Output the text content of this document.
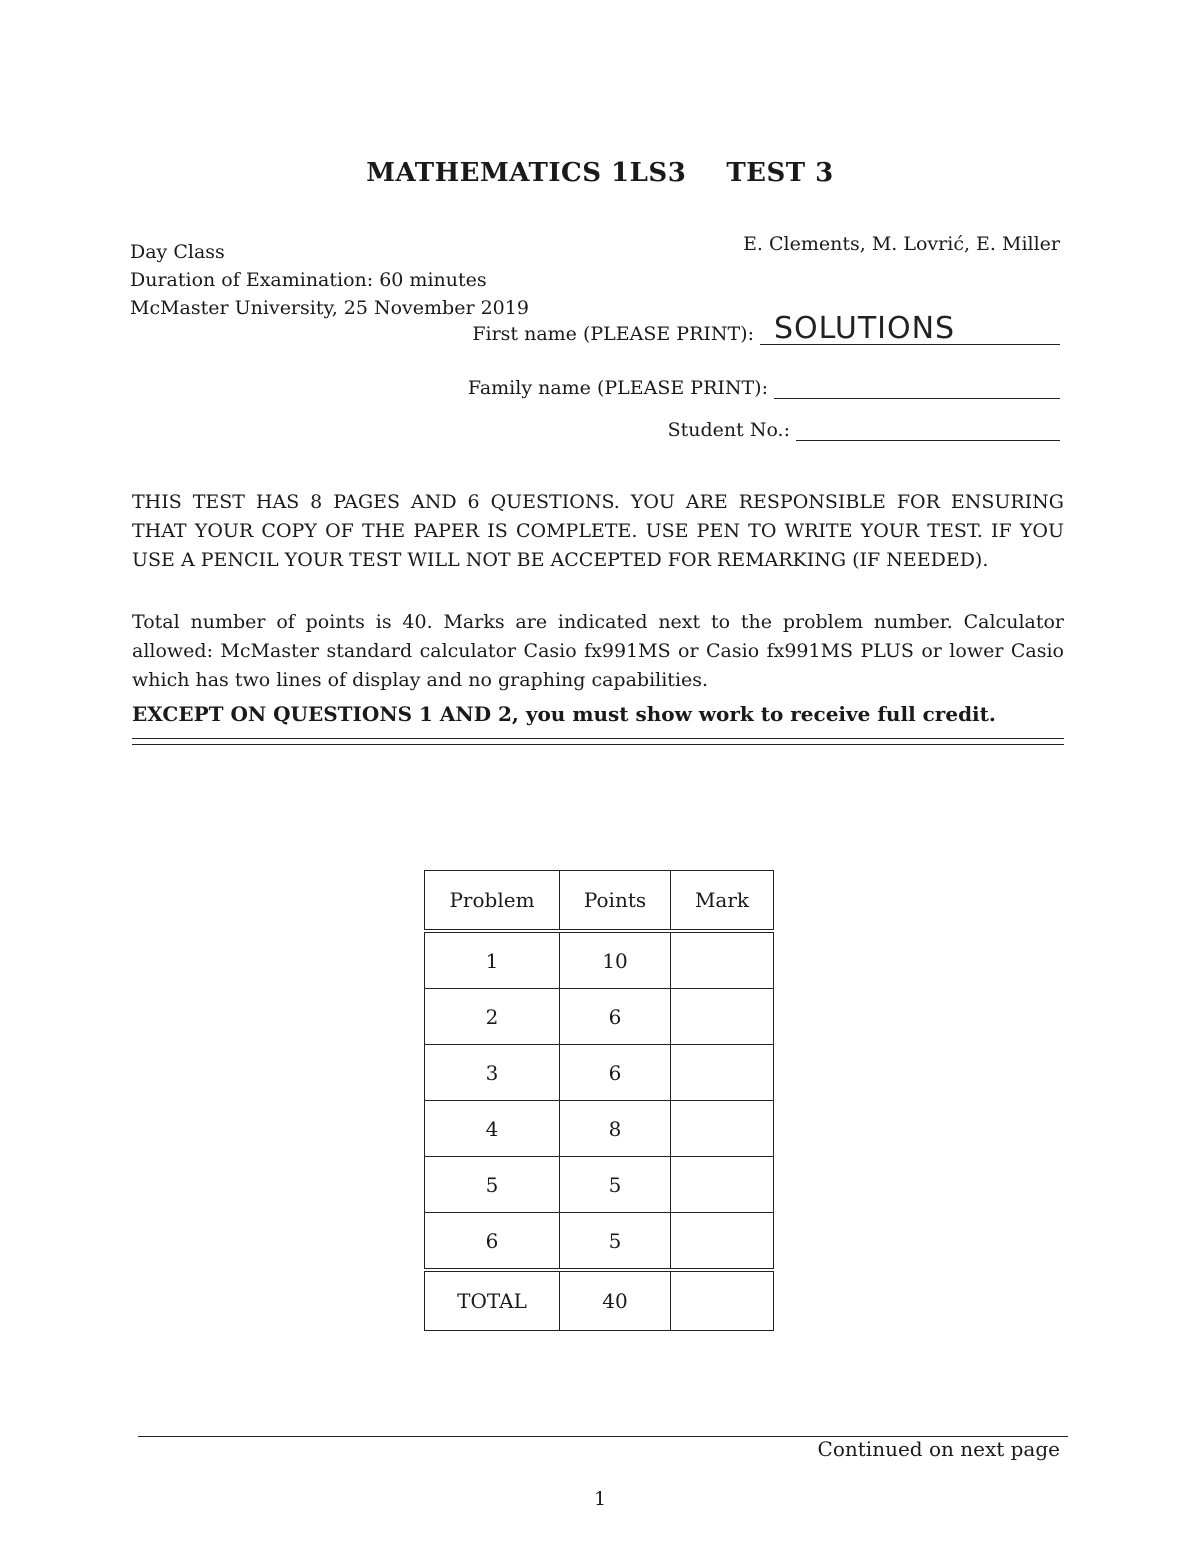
MATHEMATICS 1LS3 TEST 3
Day Class
Duration of Examination: 60 minutes
McMaster University, 25 November 2019
E. Clements, M. Lovrić, E. Miller
First name (PLEASE PRINT): SOLUTIONS
Family name (PLEASE PRINT):
Student No.:
THIS TEST HAS 8 PAGES AND 6 QUESTIONS. YOU ARE RESPONSIBLE FOR ENSURING THAT YOUR COPY OF THE PAPER IS COMPLETE. USE PEN TO WRITE YOUR TEST. IF YOU USE A PENCIL YOUR TEST WILL NOT BE ACCEPTED FOR REMARKING (IF NEEDED).
Total number of points is 40. Marks are indicated next to the problem number. Calculator allowed: McMaster standard calculator Casio fx991MS or Casio fx991MS PLUS or lower Casio which has two lines of display and no graphing capabilities.
EXCEPT ON QUESTIONS 1 AND 2, you must show work to receive full credit.
Problem	Points	Mark
1	10	
2	6	
3	6	
4	8	
5	5	
6	5	
TOTAL	40	
Continued on next page
1
